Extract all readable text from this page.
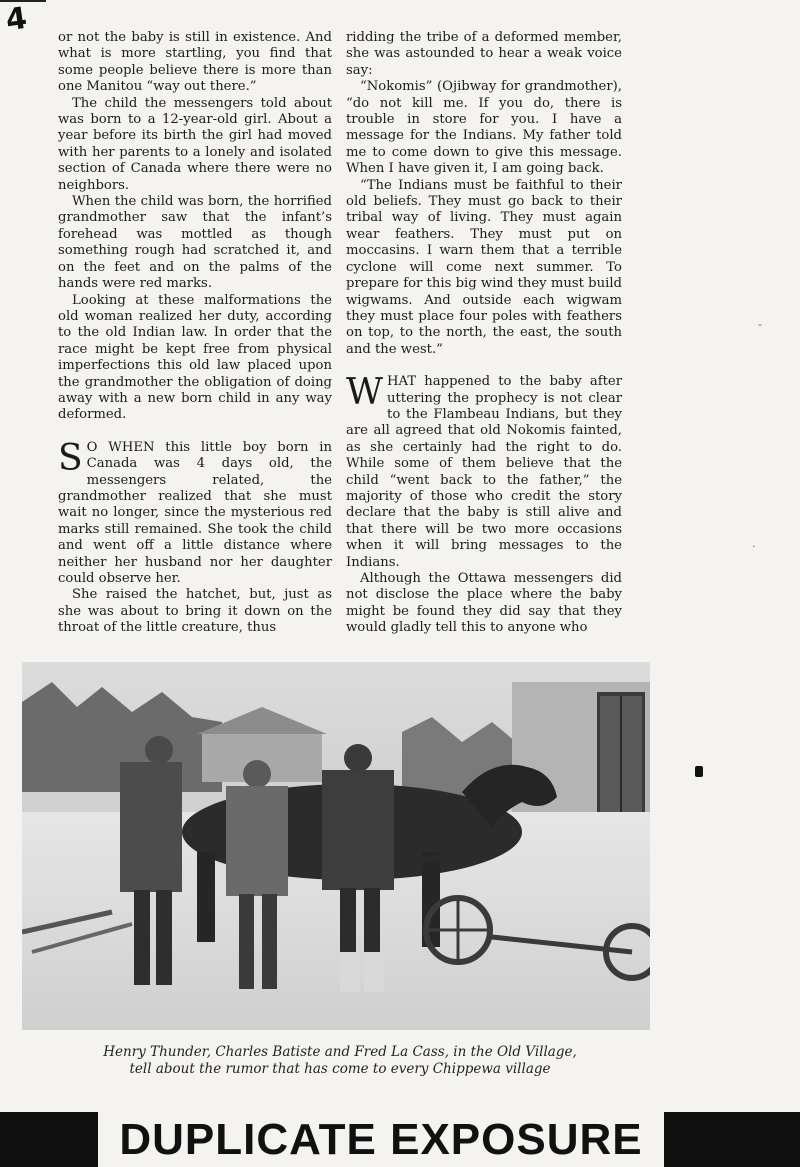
4 or not the baby is still in existence. And what is more startling, you find that some people believe there is more than one Manitou “way out there.”

The child the messengers told about was born to a 12-year-old girl. About a year before its birth the girl had moved with her parents to a lonely and isolated section of Canada where there were no neighbors.

When the child was born, the horrified grandmother saw that the infant’s forehead was mottled as though something rough had scratched it, and on the feet and on the palms of the hands were red marks.

Looking at these malformations the old woman realized her duty, according to the old Indian law. In order that the race might be kept free from physical imperfections this old law placed upon the grandmother the obligation of doing away with a new born child in any way deformed.

S O WHEN this little boy born in Canada was 4 days old, the messengers related, the grandmother realized that she must wait no longer, since the mysterious red marks still remained. She took the child and went off a little distance where neither her husband nor her daughter could observe her.

She raised the hatchet, but, just as she was about to bring it down on the throat of the little creature, thus

ridding the tribe of a deformed member, she was astounded to hear a weak voice say:

“Nokomis” (Ojibway for grandmother), “do not kill me. If you do, there is trouble in store for you. I have a message for the Indians. My father told me to come down to give this message. When I have given it, I am going back.

“The Indians must be faithful to their old beliefs. They must go back to their tribal way of living. They must again wear feathers. They must put on moccasins. I warn them that a terrible cyclone will come next summer. To prepare for this big wind they must build wigwams. And outside each wigwam they must place four poles with feathers on top, to the north, the east, the south and the west.”

WHAT happened to the baby after uttering the prophecy is not clear to the Flambeau Indians, but they are all agreed that old Nokomis fainted, as she certainly had the right to do. While some of them believe that the child “went back to the father,” the majority of those who credit the story declare that the baby is still alive and that there will be two more occasions when it will bring messages to the Indians.

Although the Ottawa messengers did not disclose the place where the baby might be found they did say that they would gladly tell this to anyone who

Henry Thunder, Charles Batiste and Fred La Cass, in the Old Village,
tell about the rumor that has come to every Chippewa village
-
·
DUPLICATE EXPOSURE
